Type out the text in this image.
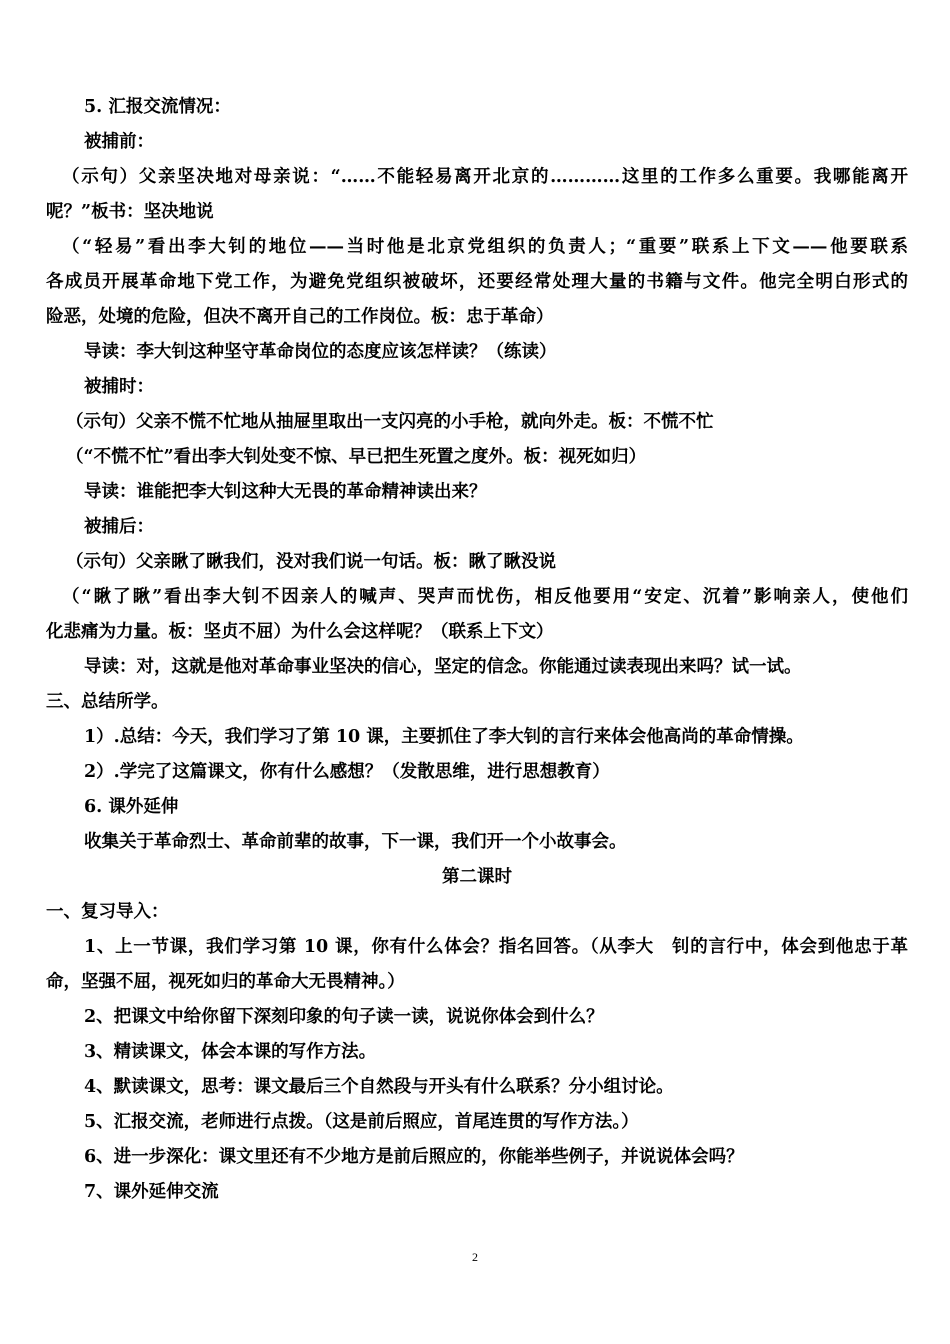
5. 汇报交流情况：
被捕前：
（示句）父亲坚决地对母亲说：“……不能轻易离开北京的…………这里的工作多么重要。我哪能离开
呢？”板书：坚决地说
（“轻易”看出李大钊的地位——当时他是北京党组织的负责人；“重要”联系上下文——他要联系
各成员开展革命地下党工作，为避免党组织被破坏，还要经常处理大量的书籍与文件。他完全明白形式的
险恶，处境的危险，但决不离开自己的工作岗位。板：忠于革命）
导读：李大钊这种坚守革命岗位的态度应该怎样读？（练读）
被捕时：
（示句）父亲不慌不忙地从抽屉里取出一支闪亮的小手枪，就向外走。板：不慌不忙
（“不慌不忙”看出李大钊处变不惊、早已把生死置之度外。板：视死如归）
导读：谁能把李大钊这种大无畏的革命精神读出来？
被捕后：
（示句）父亲瞅了瞅我们，没对我们说一句话。板：瞅了瞅没说
（“瞅了瞅”看出李大钊不因亲人的喊声、哭声而忧伤，相反他要用“安定、沉着”影响亲人，使他们
化悲痛为力量。板：坚贞不屈）为什么会这样呢？（联系上下文）
导读：对，这就是他对革命事业坚决的信心，坚定的信念。你能通过读表现出来吗？试一试。
三、总结所学。
1）.总结：今天，我们学习了第 10 课，主要抓住了李大钊的言行来体会他高尚的革命情操。
2）.学完了这篇课文，你有什么感想？（发散思维，进行思想教育）
6. 课外延伸
收集关于革命烈士、革命前辈的故事，下一课，我们开一个小故事会。
第二课时
一、复习导入：
1、上一节课，我们学习第 10 课，你有什么体会？指名回答。（从李大　钊的言行中，体会到他忠于革
命，坚强不屈，视死如归的革命大无畏精神。）
2、把课文中给你留下深刻印象的句子读一读，说说你体会到什么？
3、精读课文，体会本课的写作方法。
4、默读课文，思考：课文最后三个自然段与开头有什么联系？分小组讨论。
5、汇报交流，老师进行点拨。（这是前后照应，首尾连贯的写作方法。）
6、进一步深化：课文里还有不少地方是前后照应的，你能举些例子，并说说体会吗？
7、课外延伸交流
2
